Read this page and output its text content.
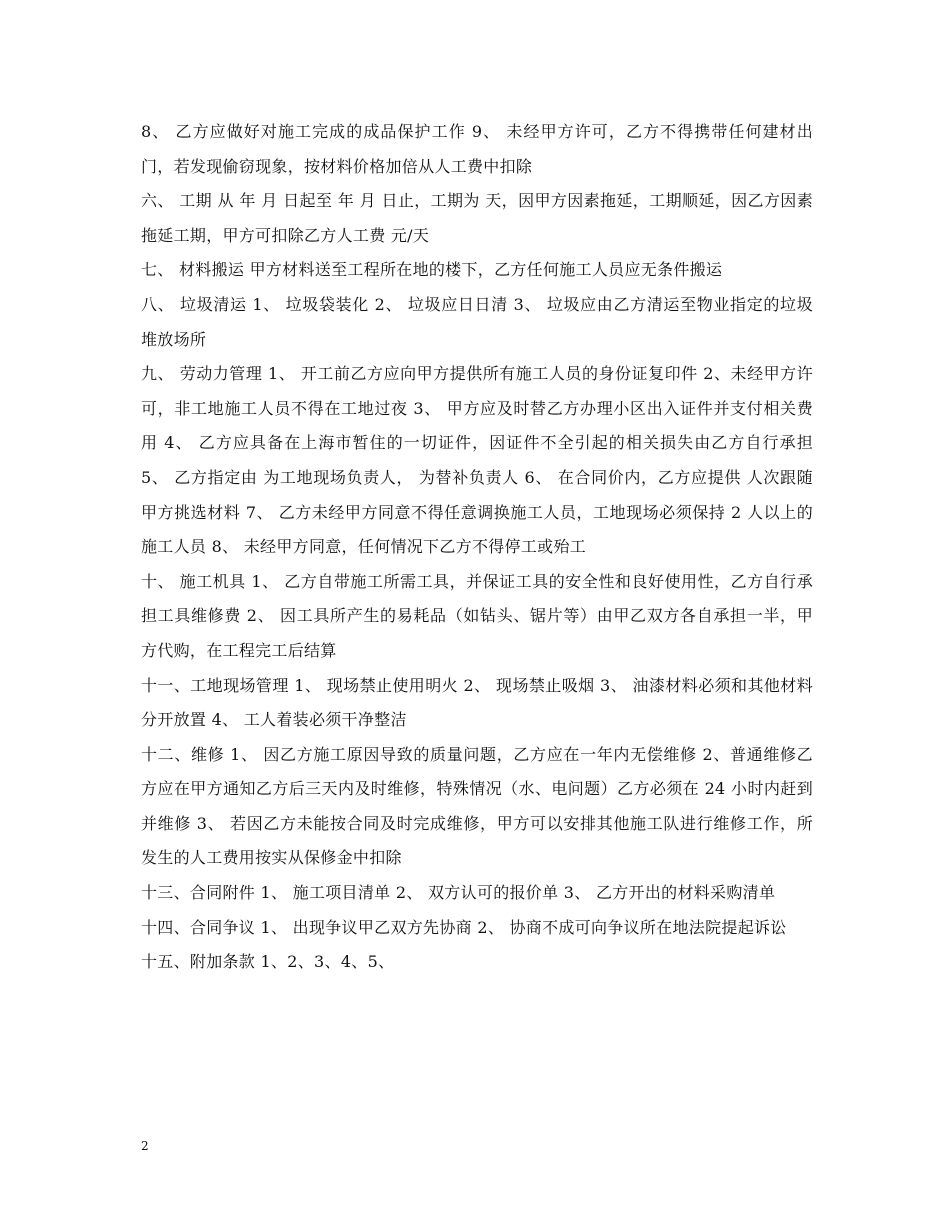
8、 乙方应做好对施工完成的成品保护工作 9、 未经甲方许可，乙方不得携带任何建材出门，若发现偷窃现象，按材料价格加倍从人工费中扣除

六、 工期 从 年 月 日起至 年 月 日止，工期为 天，因甲方因素拖延，工期顺延，因乙方因素拖延工期，甲方可扣除乙方人工费 元/天

七、 材料搬运 甲方材料送至工程所在地的楼下，乙方任何施工人员应无条件搬运

八、 垃圾清运 1、 垃圾袋装化 2、 垃圾应日日清 3、 垃圾应由乙方清运至物业指定的垃圾堆放场所

九、 劳动力管理 1、 开工前乙方应向甲方提供所有施工人员的身份证复印件 2、未经甲方许可，非工地施工人员不得在工地过夜 3、 甲方应及时替乙方办理小区出入证件并支付相关费用 4、 乙方应具备在上海市暂住的一切证件，因证件不全引起的相关损失由乙方自行承担 5、 乙方指定由 为工地现场负责人， 为替补负责人 6、 在合同价内，乙方应提供 人次跟随甲方挑选材料 7、 乙方未经甲方同意不得任意调换施工人员，工地现场必须保持 2 人以上的施工人员 8、 未经甲方同意，任何情况下乙方不得停工或殆工

十、 施工机具 1、 乙方自带施工所需工具，并保证工具的安全性和良好使用性，乙方自行承担工具维修费 2、 因工具所产生的易耗品（如钻头、锯片等）由甲乙双方各自承担一半，甲方代购，在工程完工后结算

十一、工地现场管理 1、 现场禁止使用明火 2、 现场禁止吸烟 3、 油漆材料必须和其他材料分开放置 4、 工人着装必须干净整洁

十二、维修 1、 因乙方施工原因导致的质量问题，乙方应在一年内无偿维修 2、普通维修乙方应在甲方通知乙方后三天内及时维修，特殊情况（水、电问题）乙方必须在 24 小时内赶到并维修 3、 若因乙方未能按合同及时完成维修，甲方可以安排其他施工队进行维修工作，所发生的人工费用按实从保修金中扣除

十三、合同附件 1、 施工项目清单 2、 双方认可的报价单 3、 乙方开出的材料采购清单

十四、合同争议 1、 出现争议甲乙双方先协商 2、 协商不成可向争议所在地法院提起诉讼

十五、附加条款 1、2、3、4、5、

2
